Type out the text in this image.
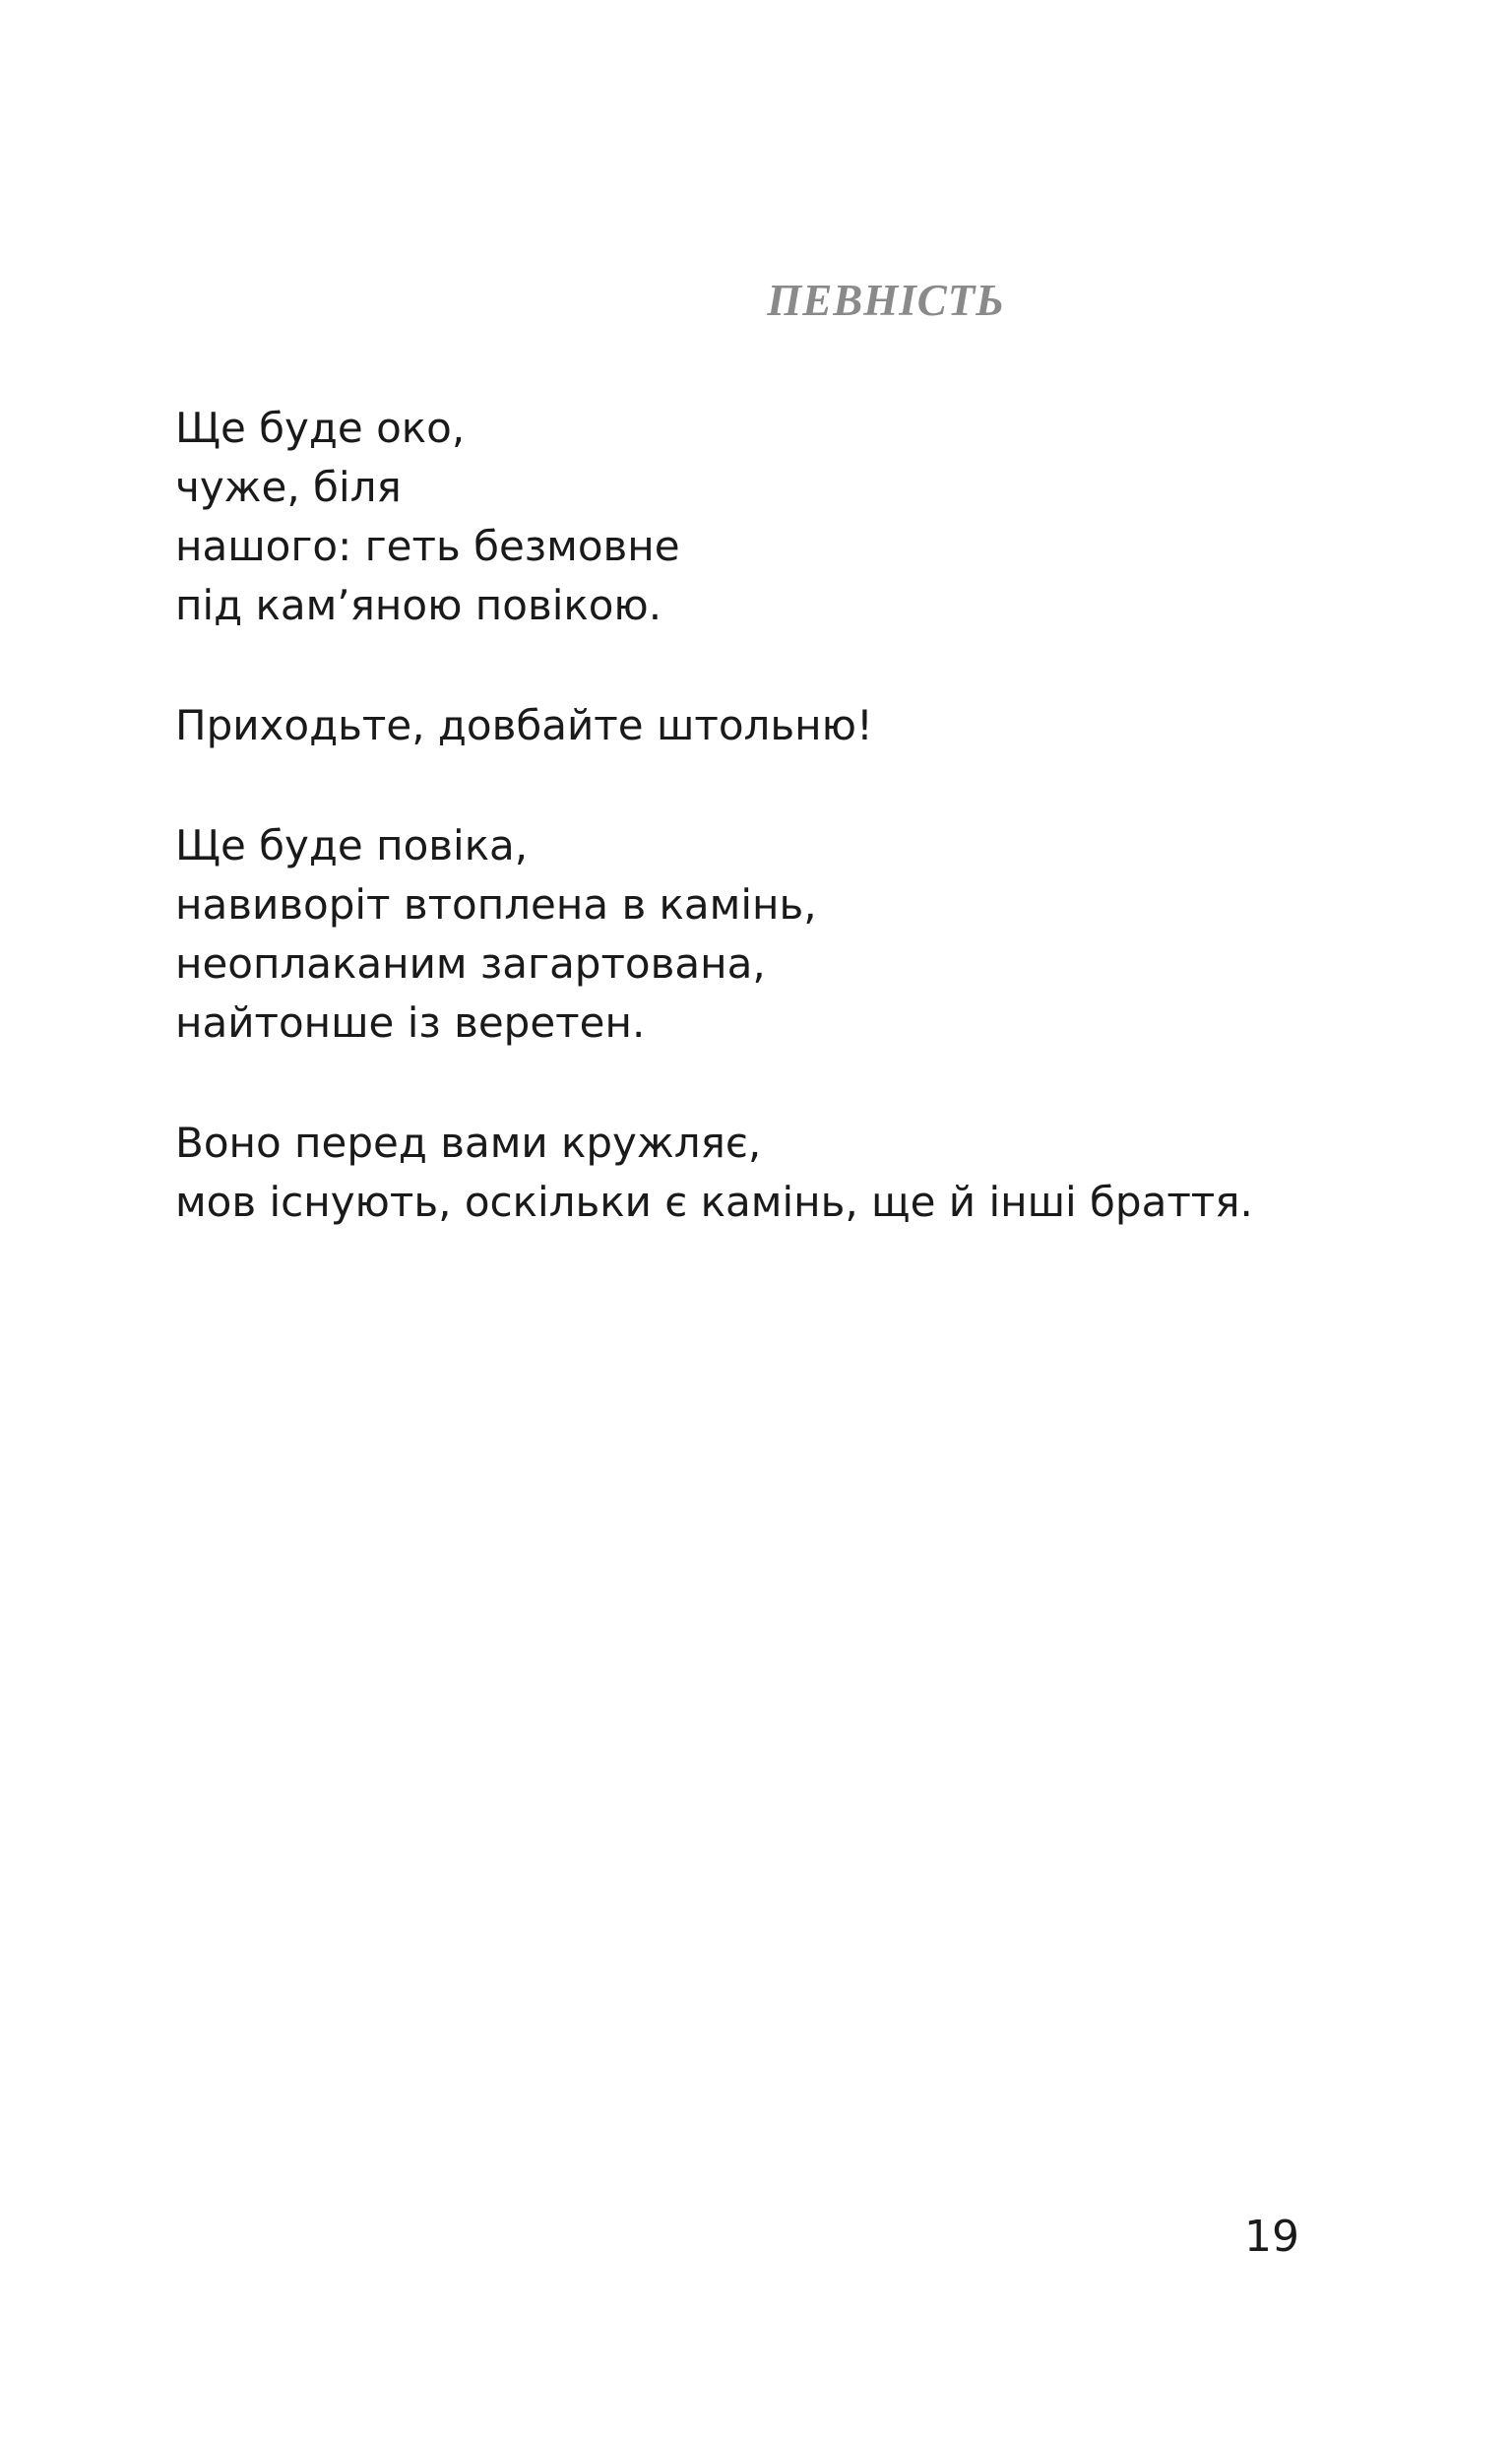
ПЕВНІСТЬ
Ще буде око,
чуже, біля
нашого: геть безмовне
під кам’яною повікою.
Приходьте, довбайте штольню!
Ще буде повіка,
навиворіт втоплена в камінь,
неоплаканим загартована,
найтонше із веретен.
Воно перед вами кружляє,
мов існують, оскільки є камінь, ще й інші браття.
19
